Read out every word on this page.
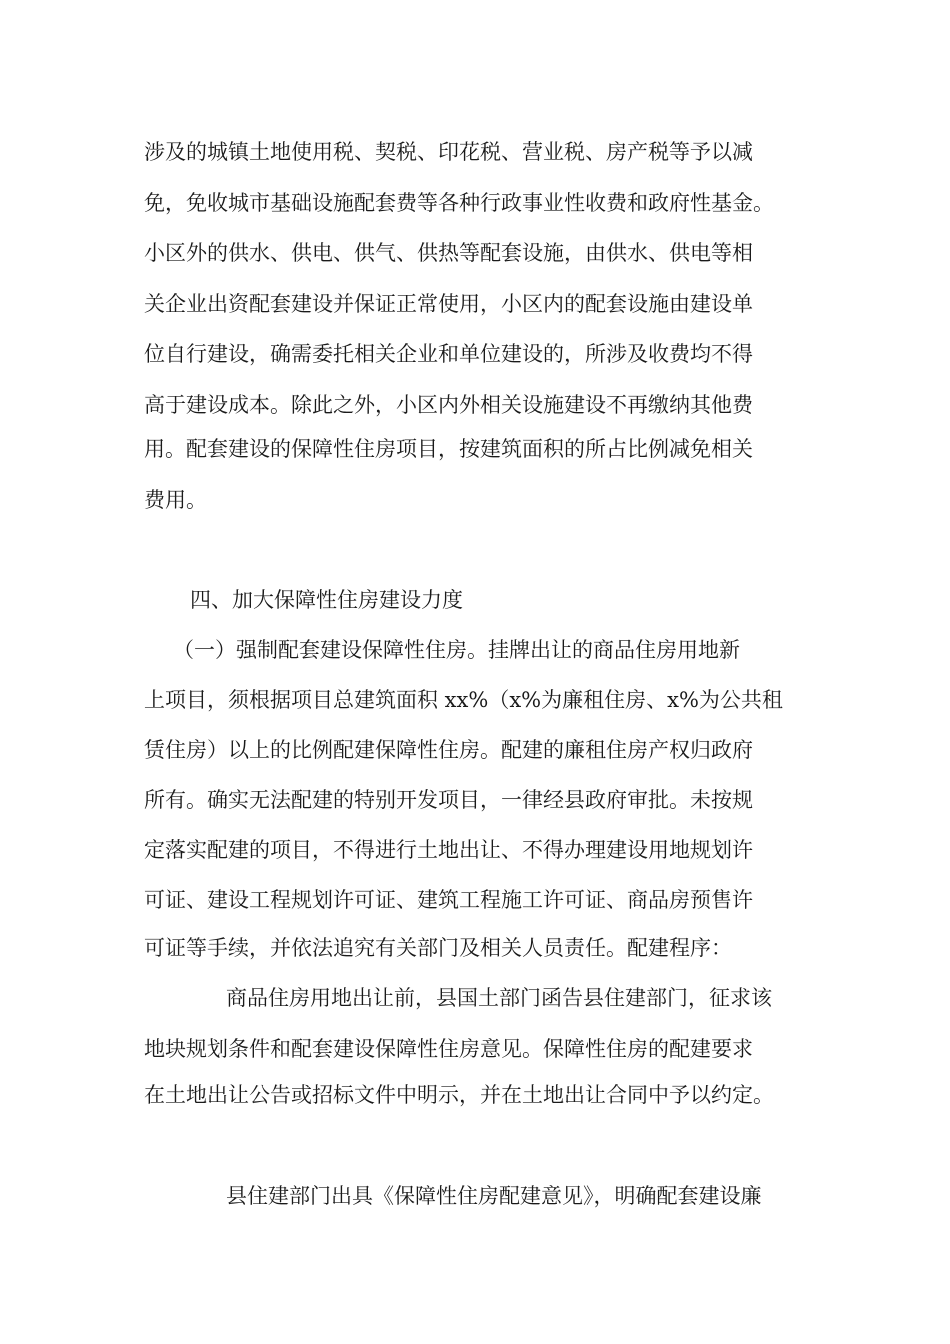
涉及的城镇土地使用税、契税、印花税、营业税、房产税等予以减
免，免收城市基础设施配套费等各种行政事业性收费和政府性基金。
小区外的供水、供电、供气、供热等配套设施，由供水、供电等相
关企业出资配套建设并保证正常使用，小区内的配套设施由建设单
位自行建设，确需委托相关企业和单位建设的，所涉及收费均不得
高于建设成本。除此之外，小区内外相关设施建设不再缴纳其他费
用。配套建设的保障性住房项目，按建筑面积的所占比例减免相关
费用。
四、加大保障性住房建设力度
（一）强制配套建设保障性住房。挂牌出让的商品住房用地新
上项目，须根据项目总建筑面积 xx%（x%为廉租住房、x%为公共租
赁住房）以上的比例配建保障性住房。配建的廉租住房产权归政府
所有。确实无法配建的特别开发项目，一律经县政府审批。未按规
定落实配建的项目，不得进行土地出让、不得办理建设用地规划许
可证、建设工程规划许可证、建筑工程施工许可证、商品房预售许
可证等手续，并依法追究有关部门及相关人员责任。配建程序：
商品住房用地出让前，县国土部门函告县住建部门，征求该
地块规划条件和配套建设保障性住房意见。保障性住房的配建要求
在土地出让公告或招标文件中明示，并在土地出让合同中予以约定。
县住建部门出具《保障性住房配建意见》，明确配套建设廉
